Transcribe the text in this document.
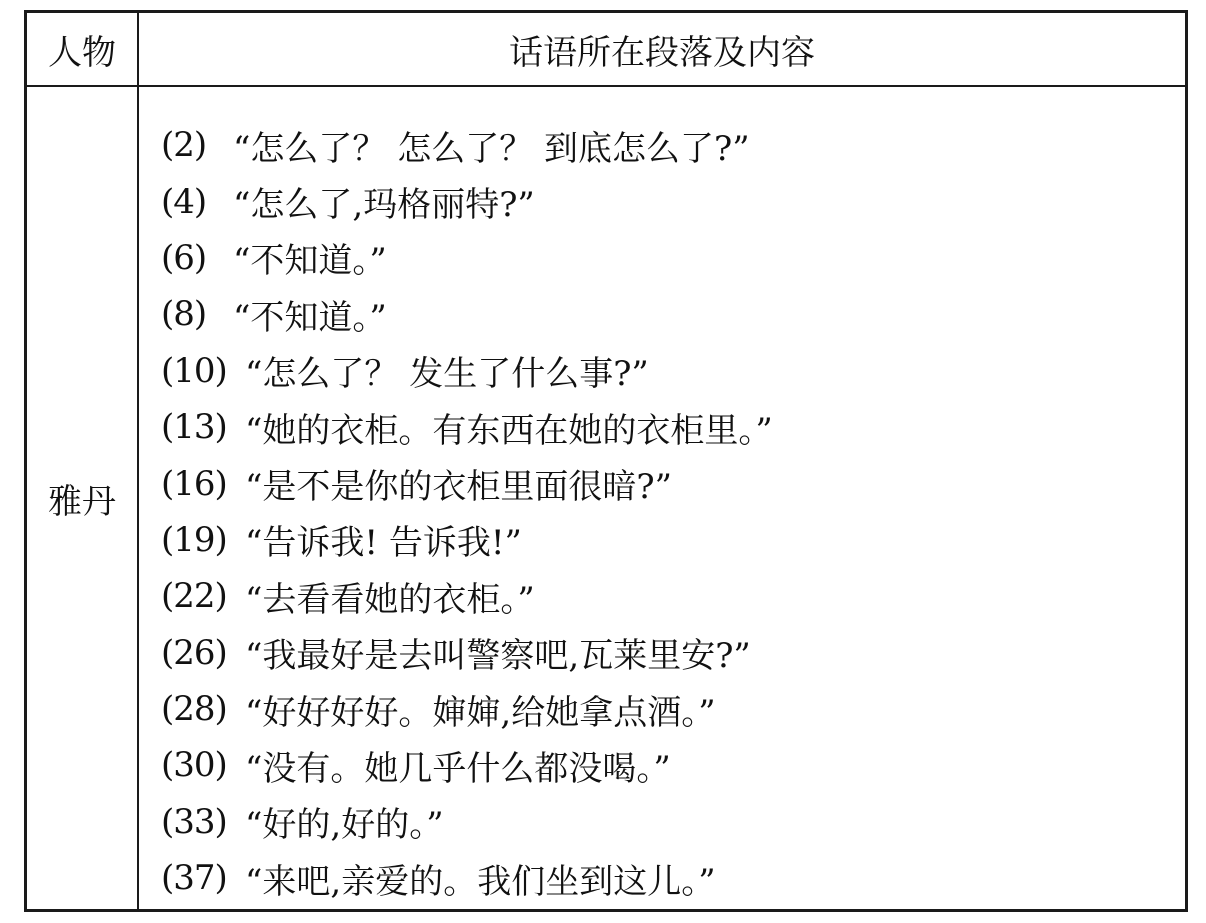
人物	话语所在段落及内容
雅丹
(2) “怎么了？ 怎么了？ 到底怎么了?”
(4) “怎么了,玛格丽特?”
(6) “不知道。”
(8) “不知道。”
(10) “怎么了？ 发生了什么事?”
(13) “她的衣柜。有东西在她的衣柜里。”
(16) “是不是你的衣柜里面很暗?”
(19) “告诉我! 告诉我!”
(22) “去看看她的衣柜。”
(26) “我最好是去叫警察吧,瓦莱里安?”
(28) “好好好好。婶婶,给她拿点酒。”
(30) “没有。她几乎什么都没喝。”
(33) “好的,好的。”
(37) “来吧,亲爱的。我们坐到这儿。”
